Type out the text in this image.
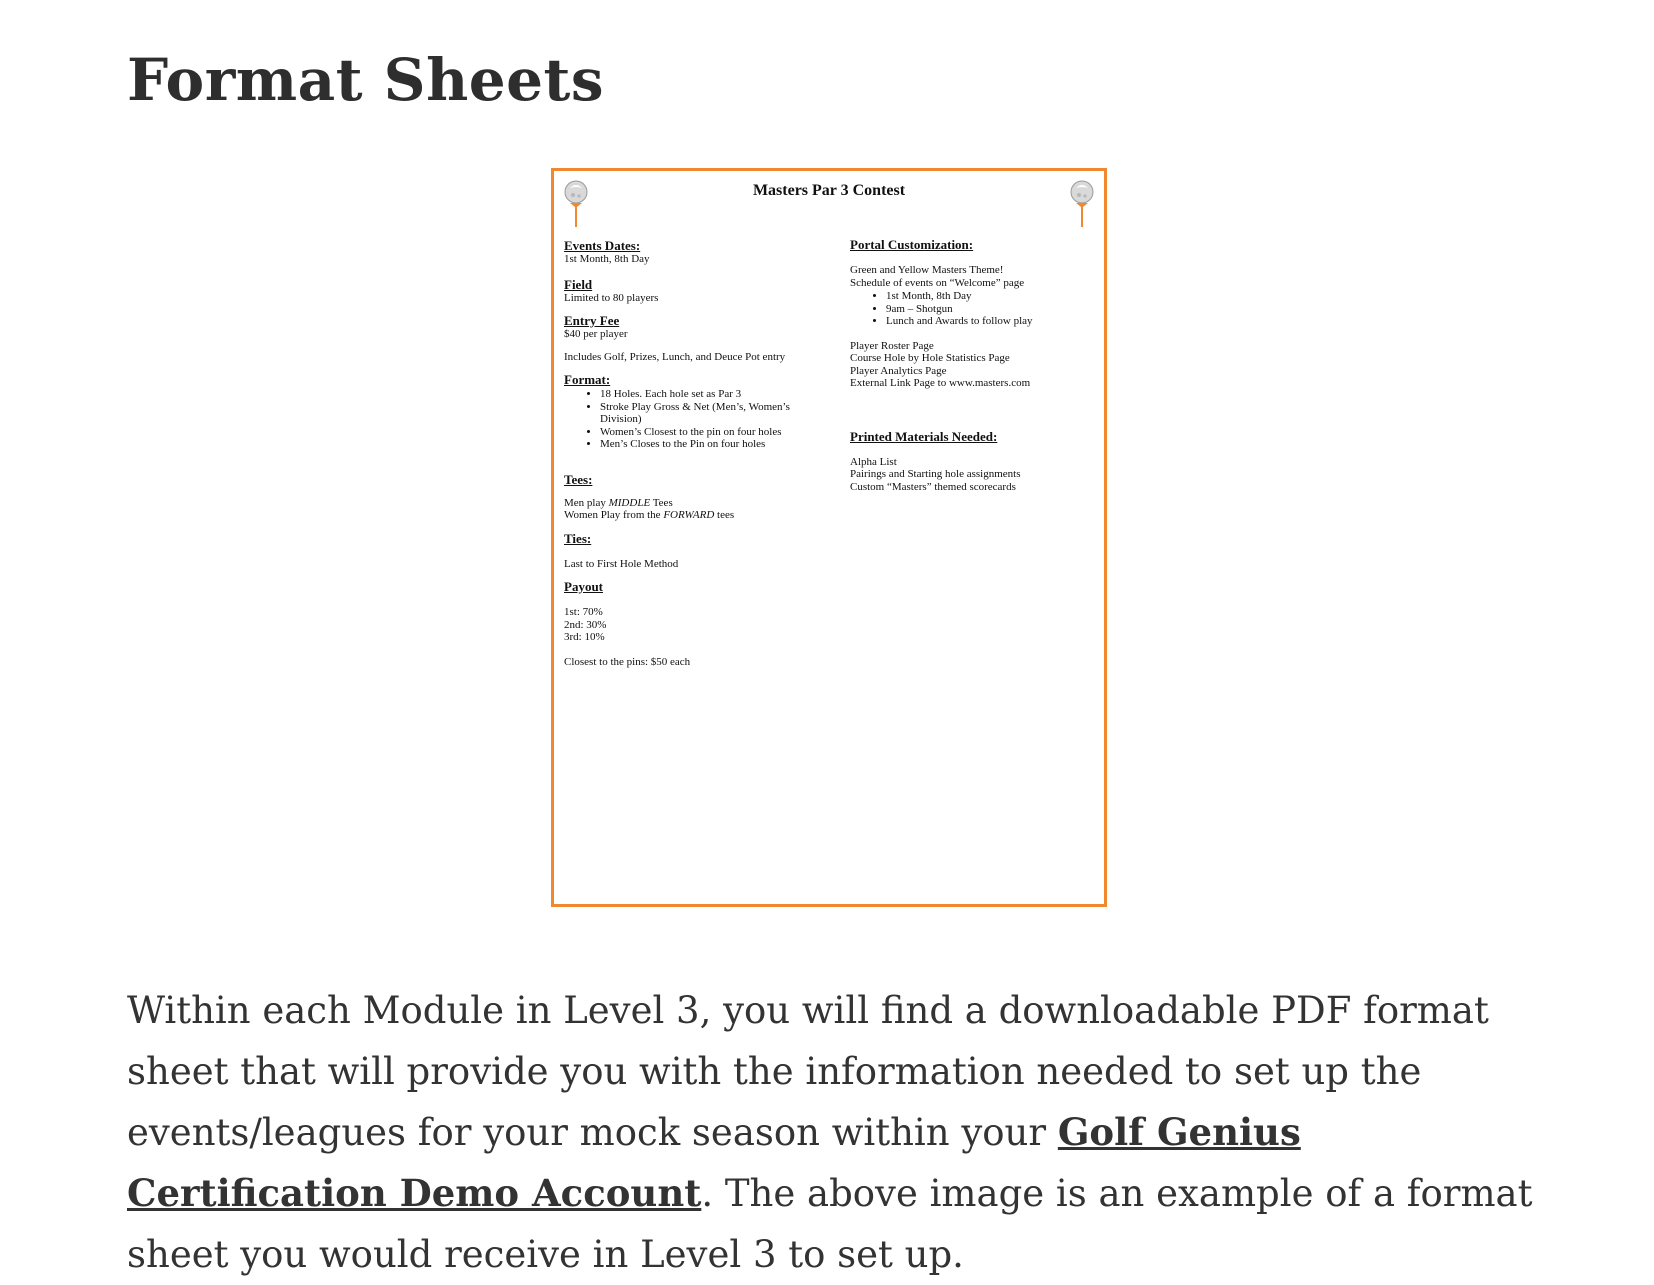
Format Sheets

Masters Par 3 Contest

Events Dates:
1st Month, 8th Day
Field
Limited to 80 players
Entry Fee
$40 per player
Includes Golf, Prizes, Lunch, and Deuce Pot entry
Format:
• 18 Holes. Each hole set as Par 3
• Stroke Play Gross & Net (Men’s, Women’s Division)
• Women’s Closest to the pin on four holes
• Men’s Closes to the Pin on four holes
Tees:
Men play MIDDLE Tees
Women Play from the FORWARD tees
Ties:
Last to First Hole Method
Payout
1st: 70%
2nd: 30%
3rd: 10%
Closest to the pins: $50 each
Portal Customization:
Green and Yellow Masters Theme!
Schedule of events on “Welcome” page
• 1st Month, 8th Day
• 9am – Shotgun
• Lunch and Awards to follow play
Player Roster Page
Course Hole by Hole Statistics Page
Player Analytics Page
External Link Page to www.masters.com
Printed Materials Needed:
Alpha List
Pairings and Starting hole assignments
Custom “Masters” themed scorecards

Within each Module in Level 3, you will find a downloadable PDF format sheet that will provide you with the information needed to set up the events/leagues for your mock season within your Golf Genius Certification Demo Account. The above image is an example of a format sheet you would receive in Level 3 to set up.
